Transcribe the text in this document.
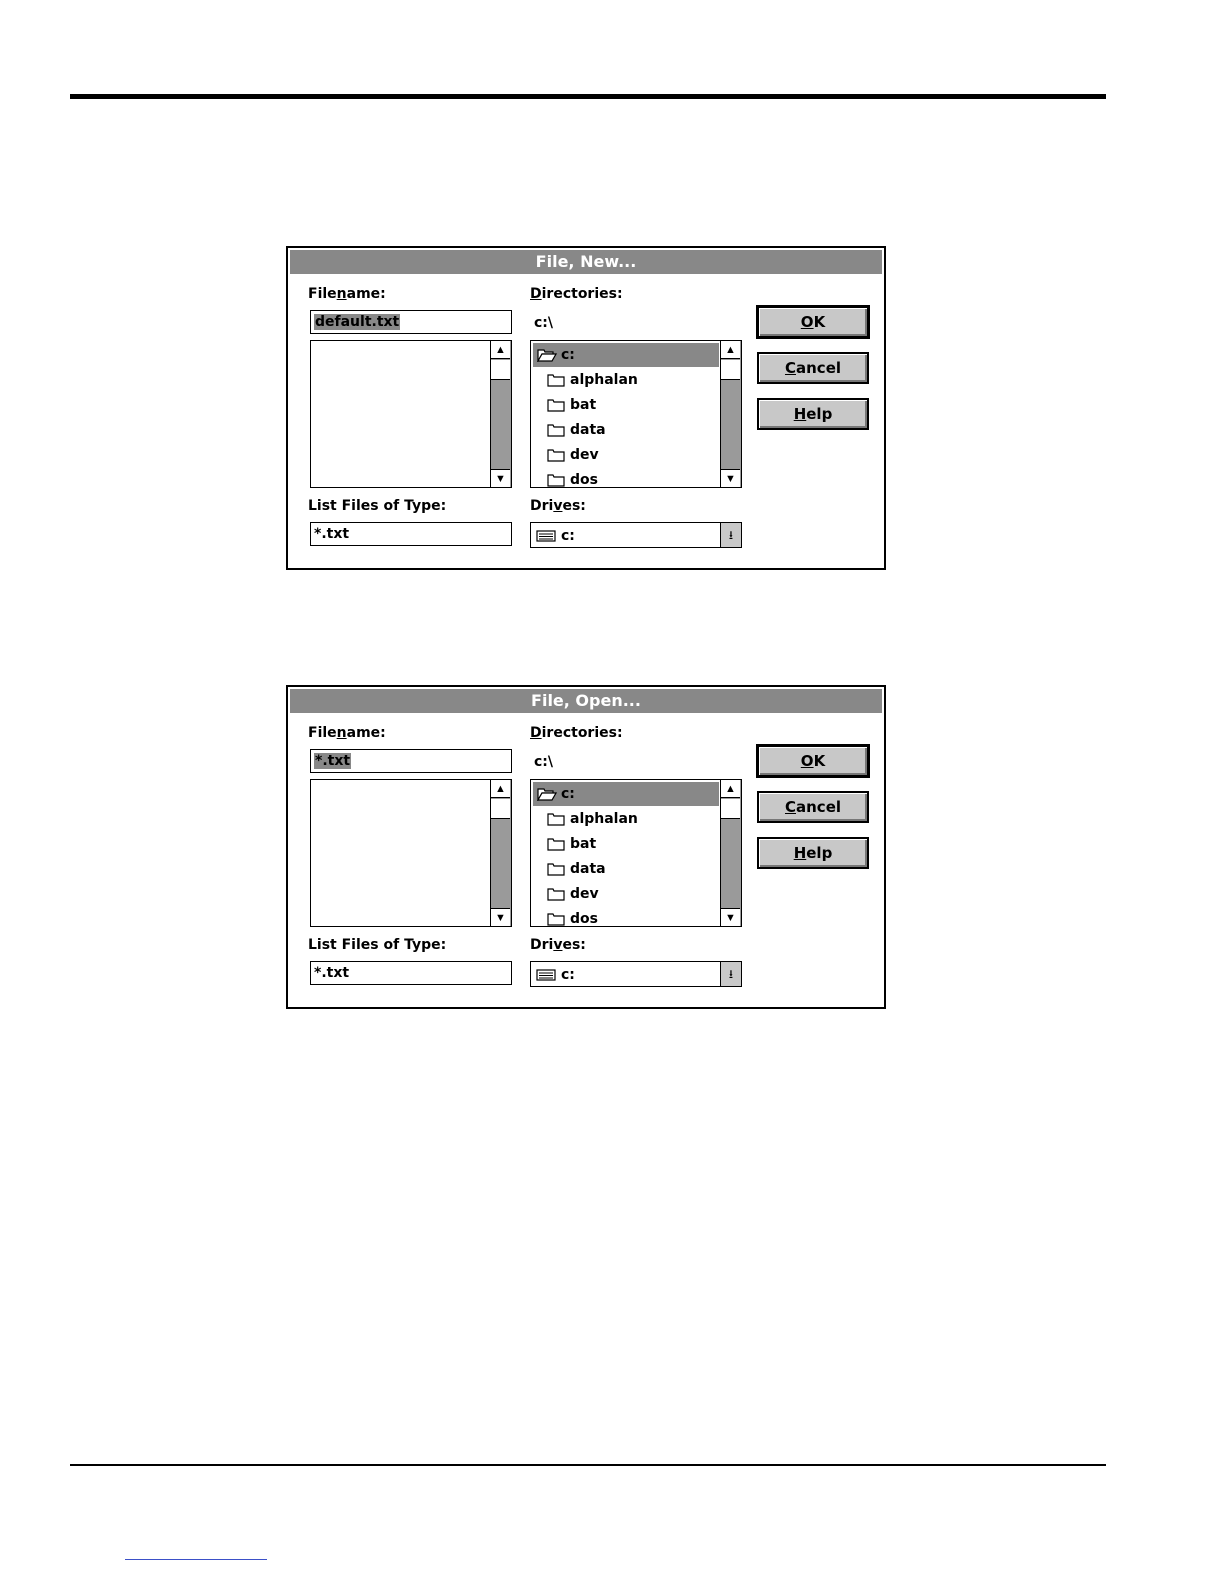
File, New...
Filename:
default.txt
▲
▼
List Files of Type:
*.txt
Directories:
c:\
c:
alphalan
bat
data
dev
dos
▲
▼
Drives:
c:	⭳
OK
Cancel
Help
File, Open...
Filename:
*.txt
▲
▼
List Files of Type:
*.txt
Directories:
c:\
c:
alphalan
bat
data
dev
dos
▲
▼
Drives:
c:	⭳
OK
Cancel
Help
